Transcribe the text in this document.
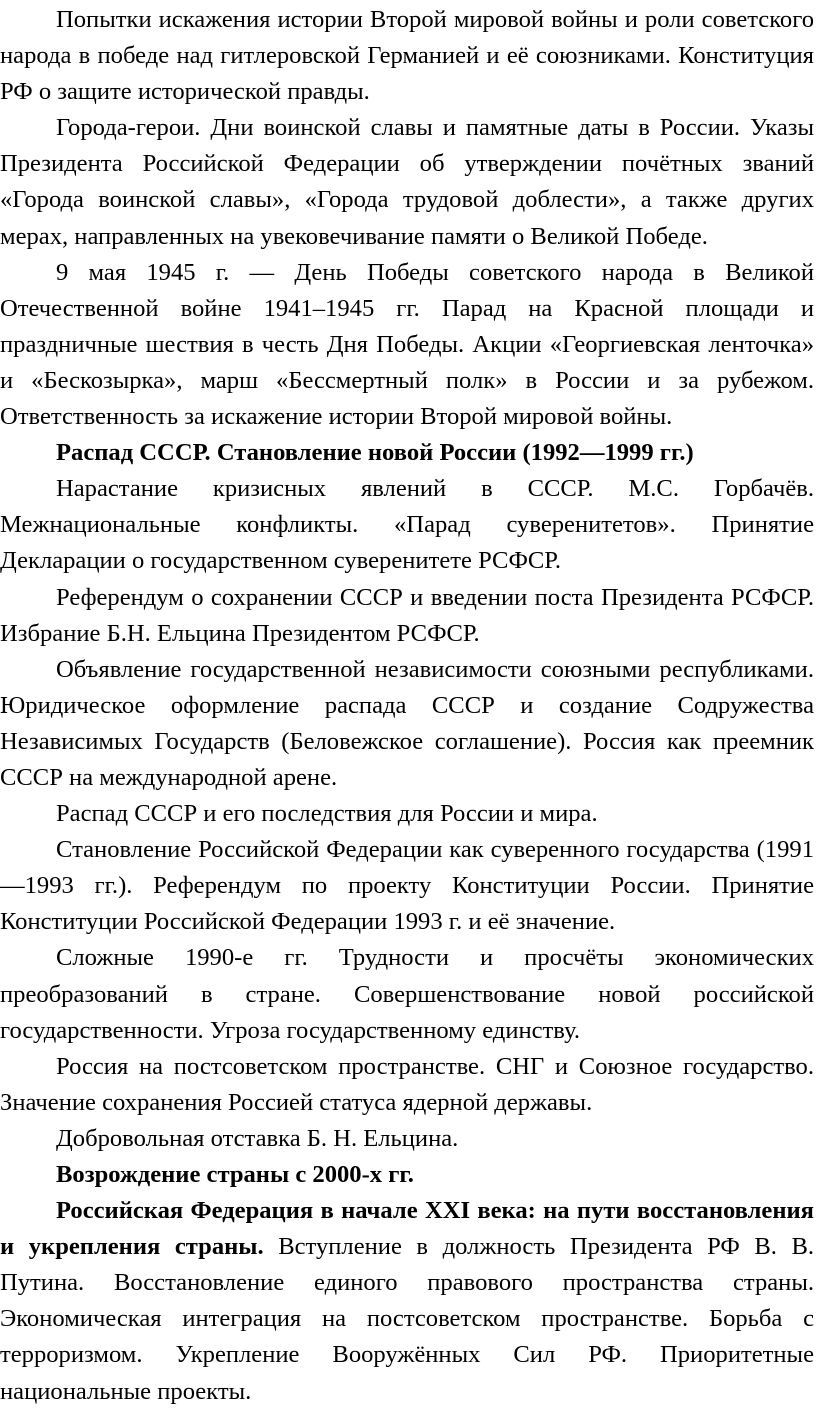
Попытки искажения истории Второй мировой войны и роли советского народа в победе над гитлеровской Германией и её союзниками. Конституция РФ о защите исторической правды.

Города-герои. Дни воинской славы и памятные даты в России. Указы Президента Российской Федерации об утверждении почётных званий «Города воинской славы», «Города трудовой доблести», а также других мерах, направленных на увековечивание памяти о Великой Победе.

9 мая 1945 г. — День Победы советского народа в Великой Отечественной войне 1941–1945 гг. Парад на Красной площади и праздничные шествия в честь Дня Победы. Акции «Георгиевская ленточка» и «Бескозырка», марш «Бессмертный полк» в России и за рубежом. Ответственность за искажение истории Второй мировой войны.

Распад СССР. Становление новой России (1992—1999 гг.)

Нарастание кризисных явлений в СССР. М.С. Горбачёв. Межнациональные конфликты. «Парад суверенитетов». Принятие Декларации о государственном суверенитете РСФСР.

Референдум о сохранении СССР и введении поста Президента РСФСР. Избрание Б.Н. Ельцина Президентом РСФСР.

Объявление государственной независимости союзными республиками. Юридическое оформление распада СССР и создание Содружества Независимых Государств (Беловежское соглашение). Россия как преемник СССР на международной арене.

Распад СССР и его последствия для России и мира.

Становление Российской Федерации как суверенного государства (1991—1993 гг.). Референдум по проекту Конституции России. Принятие Конституции Российской Федерации 1993 г. и её значение.

Сложные 1990-е гг. Трудности и просчёты экономических преобразований в стране. Совершенствование новой российской государственности. Угроза государственному единству.

Россия на постсоветском пространстве. СНГ и Союзное государство. Значение сохранения Россией статуса ядерной державы.

Добровольная отставка Б. Н. Ельцина.

Возрождение страны с 2000-х гг.

Российская Федерация в начале XXI века: на пути восстановления и укрепления страны. Вступление в должность Президента РФ В. В. Путина. Восстановление единого правового пространства страны. Экономическая интеграция на постсоветском пространстве. Борьба с терроризмом. Укрепление Вооружённых Сил РФ. Приоритетные национальные проекты.
